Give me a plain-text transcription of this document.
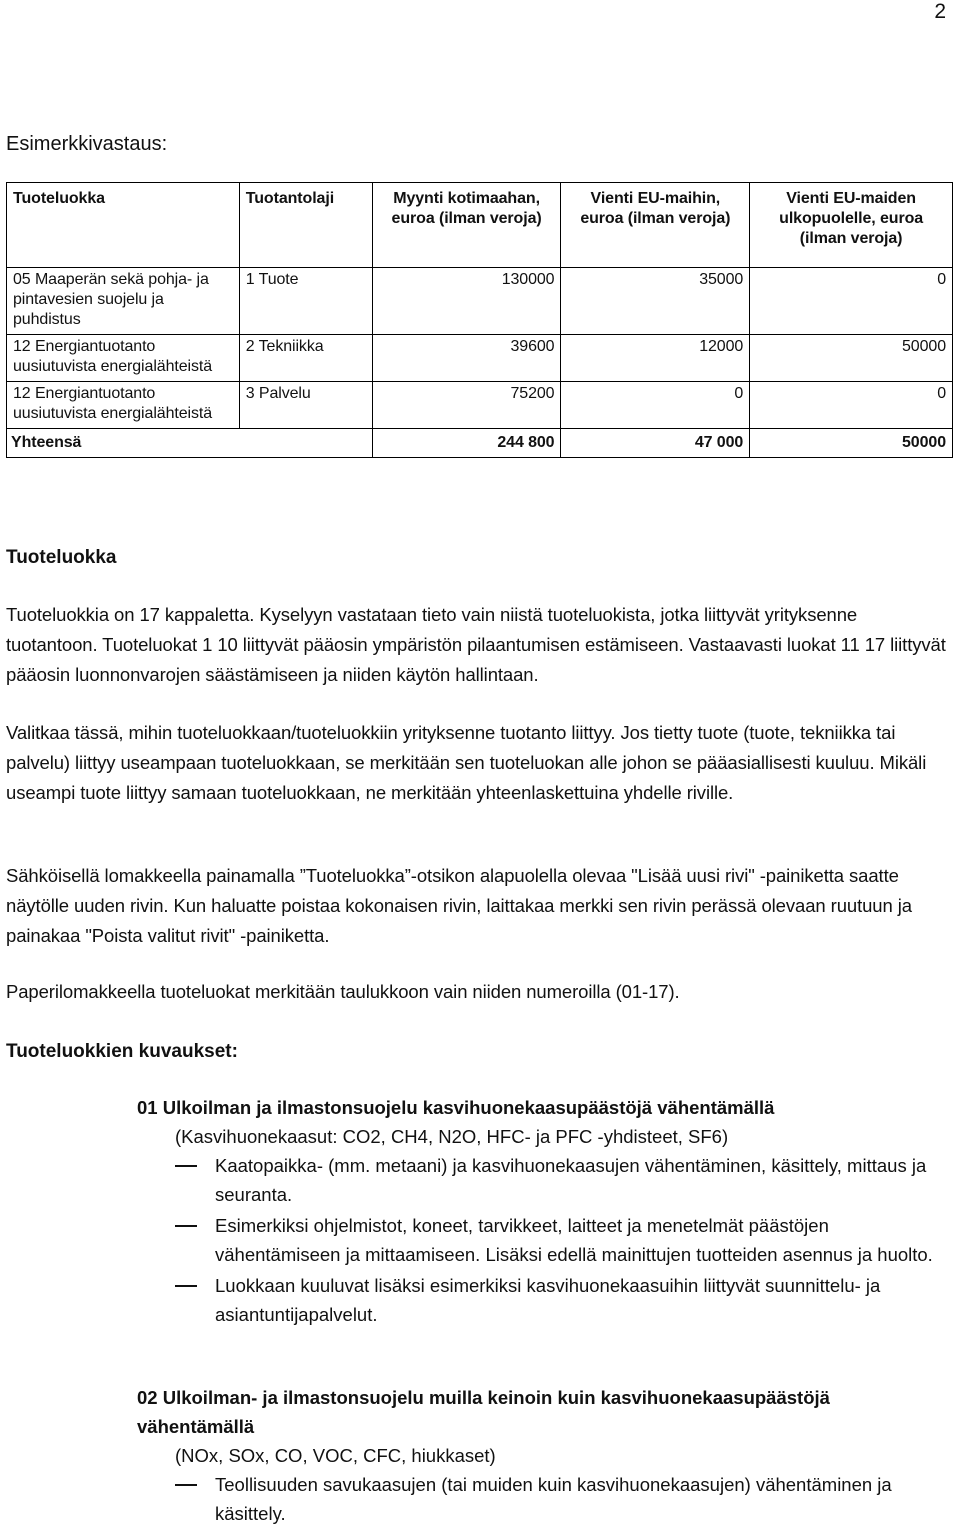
2
Esimerkkivastaus:
Tuoteluokka	Tuotantolaji	Myynti kotimaahan, euroa (ilman veroja)	Vienti EU-maihin, euroa (ilman veroja)	Vienti EU-maiden ulkopuolelle, euroa (ilman veroja)
05 Maaperän sekä pohja- ja pintavesien suojelu ja puhdistus	1 Tuote	130000	35000	0
12 Energiantuotanto uusiutuvista energialähteistä	2 Tekniikka	39600	12000	50000
12 Energiantuotanto uusiutuvista energialähteistä	3 Palvelu	75200	0	0
Yhteensä		244 800	47 000	50000
Tuoteluokka

Tuoteluokkia on 17 kappaletta. Kyselyyn vastataan tieto vain niistä tuoteluokista, jotka liittyvät yrityksenne tuotantoon. Tuoteluokat 1 10 liittyvät pääosin ympäristön pilaantumisen estämiseen. Vastaavasti luokat 11 17 liittyvät pääosin luonnonvarojen säästämiseen ja niiden käytön hallintaan.

Valitkaa tässä, mihin tuoteluokkaan/tuoteluokkiin yrityksenne tuotanto liittyy. Jos tietty tuote (tuote, tekniikka tai palvelu) liittyy useampaan tuoteluokkaan, se merkitään sen tuoteluokan alle johon se pääasiallisesti kuuluu. Mikäli useampi tuote liittyy samaan tuoteluokkaan, ne merkitään yhteenlaskettuina yhdelle riville.

Sähköisellä lomakkeella painamalla ”Tuoteluokka”-otsikon alapuolella olevaa "Lisää uusi rivi" -painiketta saatte näytölle uuden rivin. Kun haluatte poistaa kokonaisen rivin, laittakaa merkki sen rivin perässä olevaan ruutuun ja painakaa "Poista valitut rivit" -painiketta.

Paperilomakkeella tuoteluokat merkitään taulukkoon vain niiden numeroilla (01-17).

Tuoteluokkien kuvaukset:

01 Ulkoilman ja ilmastonsuojelu kasvihuonekaasupäästöjä vähentämällä

(Kasvihuonekaasut: CO2, CH4, N2O, HFC- ja PFC -yhdisteet, SF6)

Kaatopaikka- (mm. metaani) ja kasvihuonekaasujen vähentäminen, käsittely, mittaus ja seuranta.
Esimerkiksi ohjelmistot, koneet, tarvikkeet, laitteet ja menetelmät päästöjen vähentämiseen ja mittaamiseen. Lisäksi edellä mainittujen tuotteiden asennus ja huolto.
Luokkaan kuuluvat lisäksi esimerkiksi kasvihuonekaasuihin liittyvät suunnittelu- ja asiantuntijapalvelut.

02 Ulkoilman- ja ilmastonsuojelu muilla keinoin kuin kasvihuonekaasupäästöjä vähentämällä

(NOx, SOx, CO, VOC, CFC, hiukkaset)

Teollisuuden savukaasujen (tai muiden kuin kasvihuonekaasujen) vähentäminen ja käsittely.
